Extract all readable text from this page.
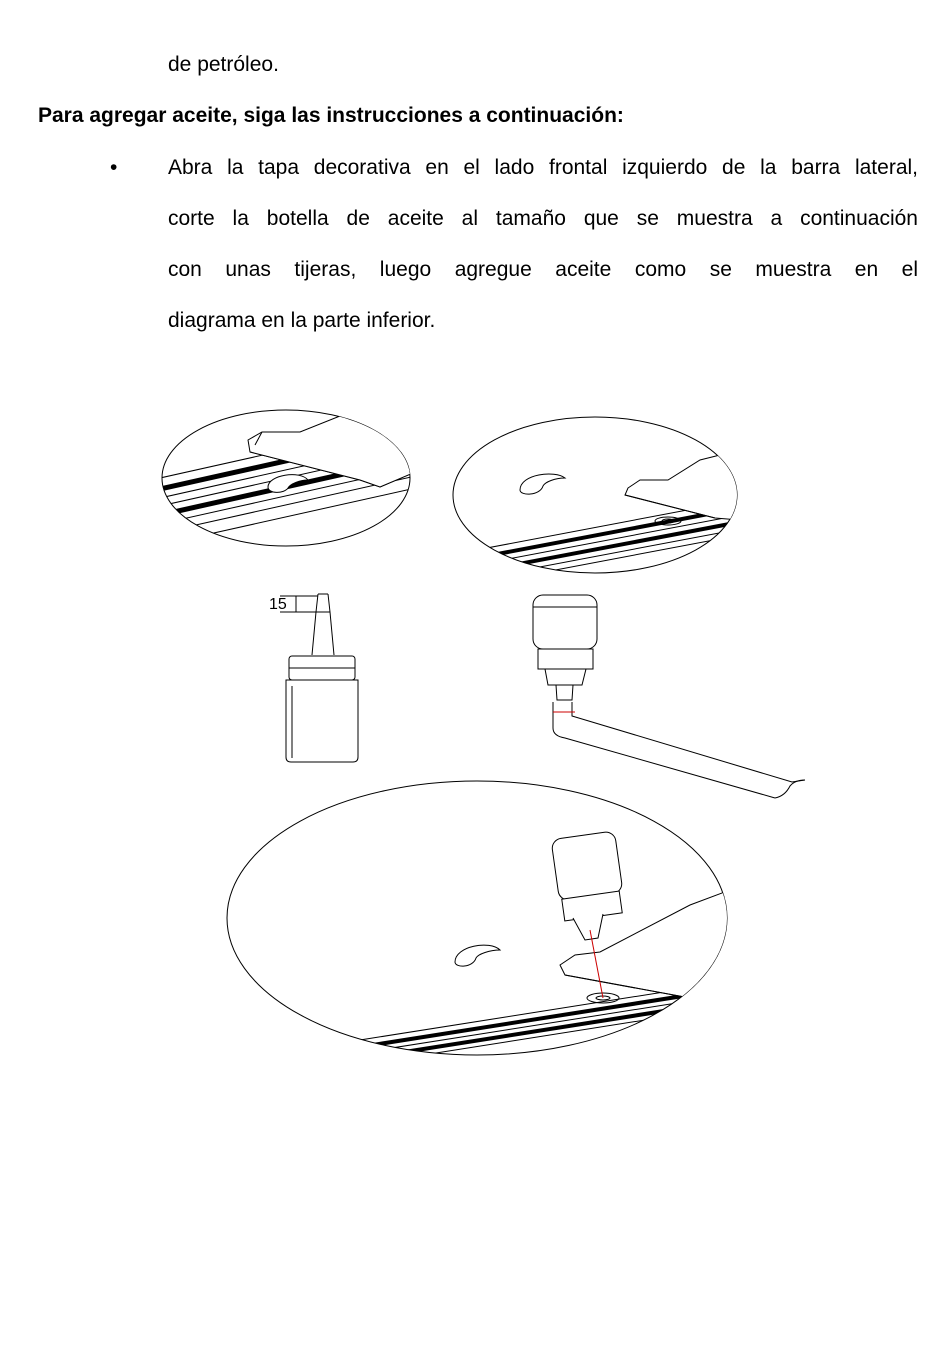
de petróleo.
Para agregar aceite, siga las instrucciones a continuación:
• Abra la tapa decorativa en el lado frontal izquierdo de la barra lateral,
corte la botella de aceite al tamaño que se muestra a continuación
con unas tijeras, luego agregue aceite como se muestra en el
diagrama en la parte inferior.
15
